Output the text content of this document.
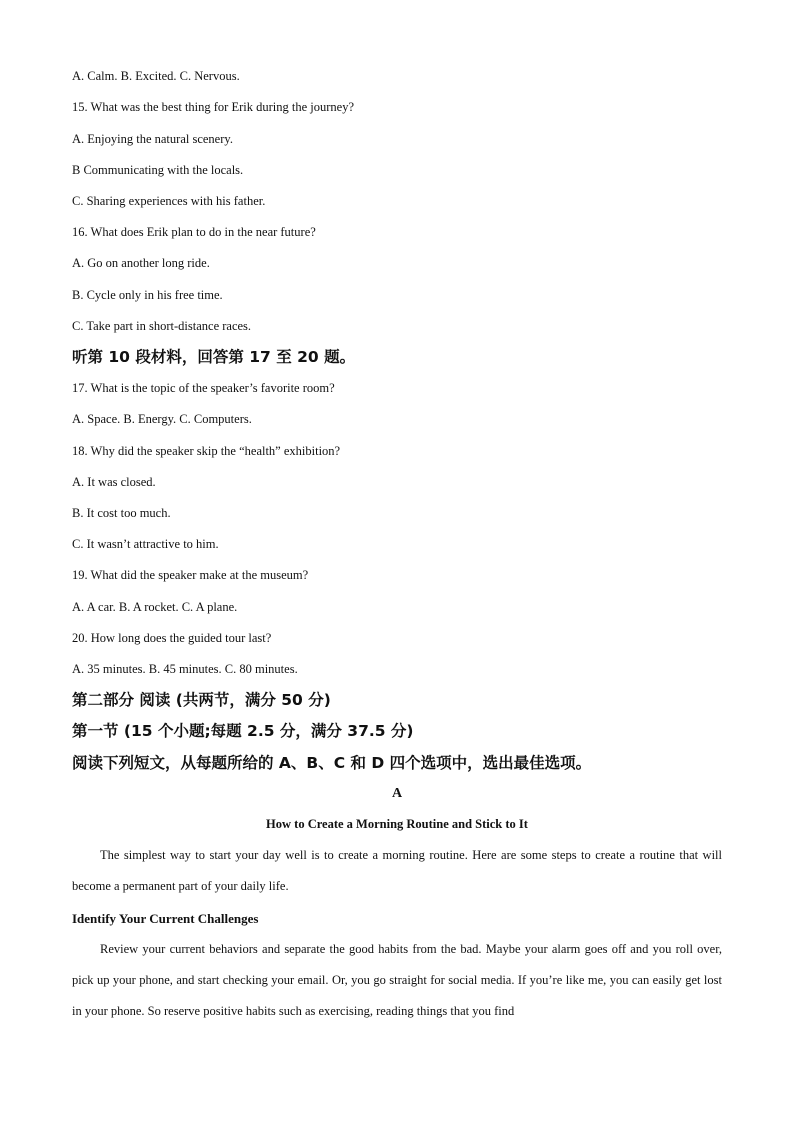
A. Calm. B. Excited. C. Nervous.
15. What was the best thing for Erik during the journey?
A. Enjoying the natural scenery.
B Communicating with the locals.
C. Sharing experiences with his father.
16. What does Erik plan to do in the near future?
A. Go on another long ride.
B. Cycle only in his free time.
C. Take part in short-distance races.
听第 10 段材料，回答第 17 至 20 题。
17. What is the topic of the speaker’s favorite room?
A. Space. B. Energy. C. Computers.
18. Why did the speaker skip the “health” exhibition?
A. It was closed.
B. It cost too much.
C. It wasn’t attractive to him.
19. What did the speaker make at the museum?
A. A car. B. A rocket. C. A plane.
20. How long does the guided tour last?
A. 35 minutes. B. 45 minutes. C. 80 minutes.
第二部分 阅读 (共两节，满分 50 分)
第一节 (15 个小题;每题 2.5 分，满分 37.5 分)
阅读下列短文，从每题所给的 A、B、C 和 D 四个选项中，选出最佳选项。
A
How to Create a Morning Routine and Stick to It

The simplest way to start your day well is to create a morning routine. Here are some steps to create a routine that will become a permanent part of your daily life.

Identify Your Current Challenges

Review your current behaviors and separate the good habits from the bad. Maybe your alarm goes off and you roll over, pick up your phone, and start checking your email. Or, you go straight for social media. If you’re like me, you can easily get lost in your phone. So reserve positive habits such as exercising, reading things that you find
